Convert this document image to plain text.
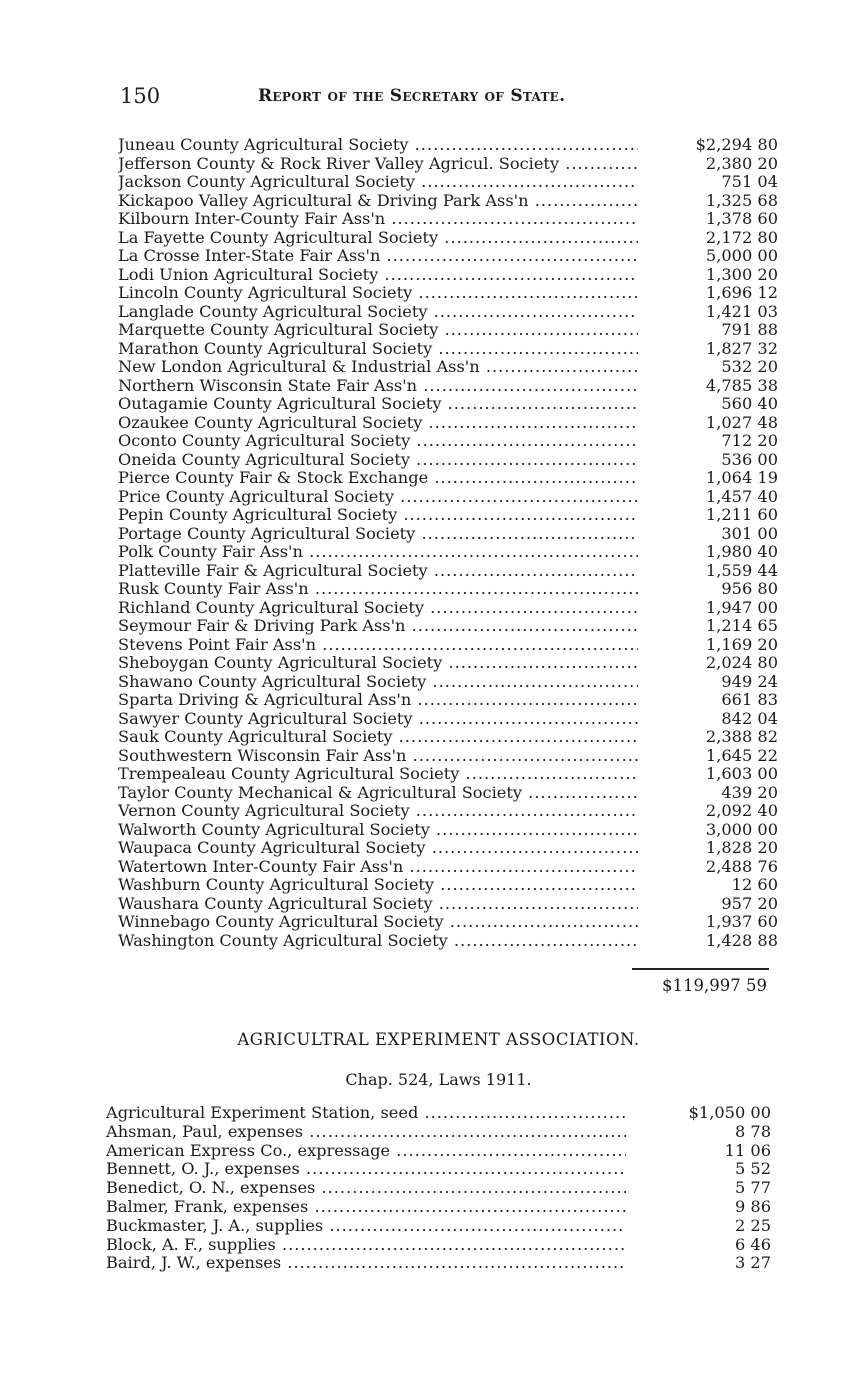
150	Report of the Secretary of State.
Juneau County Agricultural Society .....	$2,294 80
Jefferson County & Rock River Valley Agricul. Society .....	2,380 20
Jackson County Agricultural Society .....	751 04
Kickapoo Valley Agricultural & Driving Park Ass'n .....	1,325 68
Kilbourn Inter-County Fair Ass'n .....	1,378 60
La Fayette County Agricultural Society .....	2,172 80
La Crosse Inter-State Fair Ass'n .....	5,000 00
Lodi Union Agricultural Society .....	1,300 20
Lincoln County Agricultural Society .....	1,696 12
Langlade County Agricultural Society .....	1,421 03
Marquette County Agricultural Society .....	791 88
Marathon County Agricultural Society .....	1,827 32
New London Agricultural & Industrial Ass'n .....	532 20
Northern Wisconsin State Fair Ass'n .....	4,785 38
Outagamie County Agricultural Society .....	560 40
Ozaukee County Agricultural Society .....	1,027 48
Oconto County Agricultural Society .....	712 20
Oneida County Agricultural Society .....	536 00
Pierce County Fair & Stock Exchange .....	1,064 19
Price County Agricultural Society .....	1,457 40
Pepin County Agricultural Society .....	1,211 60
Portage County Agricultural Society .....	301 00
Polk County Fair Ass'n .....	1,980 40
Platteville Fair & Agricultural Society .....	1,559 44
Rusk County Fair Ass'n .....	956 80
Richland County Agricultural Society .....	1,947 00
Seymour Fair & Driving Park Ass'n .....	1,214 65
Stevens Point Fair Ass'n .....	1,169 20
Sheboygan County Agricultural Society .....	2,024 80
Shawano County Agricultural Society .....	949 24
Sparta Driving & Agricultural Ass'n .....	661 83
Sawyer County Agricultural Society .....	842 04
Sauk County Agricultural Society .....	2,388 82
Southwestern Wisconsin Fair Ass'n .....	1,645 22
Trempealeau County Agricultural Society .....	1,603 00
Taylor County Mechanical & Agricultural Society .....	439 20
Vernon County Agricultural Society .....	2,092 40
Walworth County Agricultural Society .....	3,000 00
Waupaca County Agricultural Society .....	1,828 20
Watertown Inter-County Fair Ass'n .....	2,488 76
Washburn County Agricultural Society .....	12 60
Waushara County Agricultural Society .....	957 20
Winnebago County Agricultural Society .....	1,937 60
Washington County Agricultural Society .....	1,428 88
$119,997 59
AGRICULTRAL EXPERIMENT ASSOCIATION.
Chap. 524, Laws 1911.
Agricultural Experiment Station, seed .....	$1,050 00
Ahsman, Paul, expenses .....	8 78
American Express Co., expressage .....	11 06
Bennett, O. J., expenses .....	5 52
Benedict, O. N., expenses .....	5 77
Balmer, Frank, expenses .....	9 86
Buckmaster, J. A., supplies .....	2 25
Block, A. F., supplies .....	6 46
Baird, J. W., expenses .....	3 27
